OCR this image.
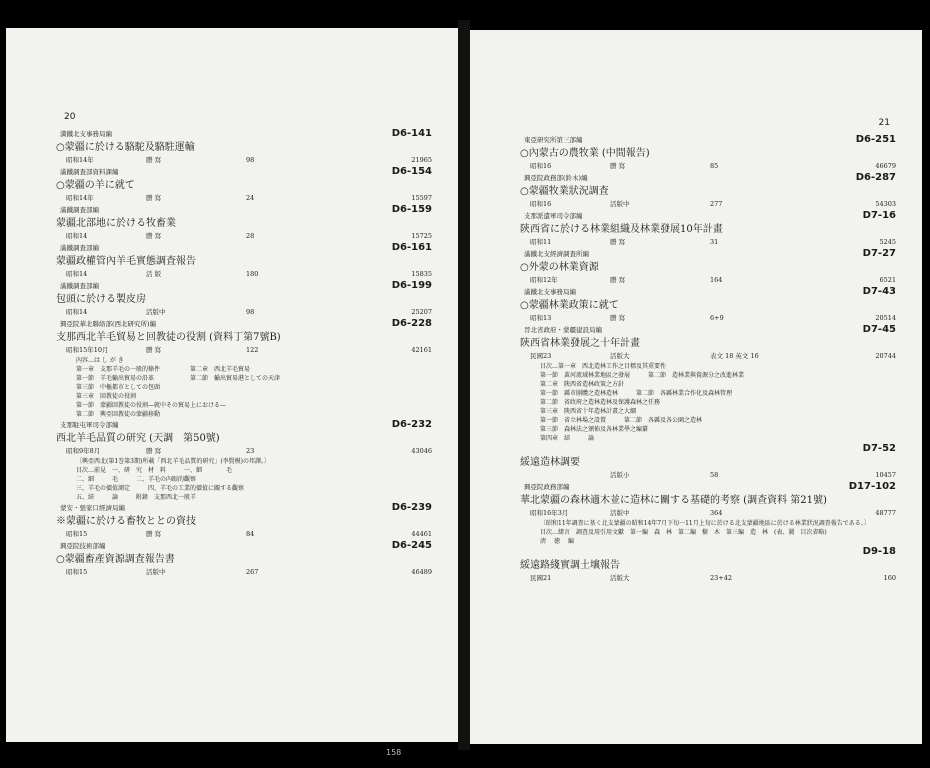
20
満鐵北支事務局編	D6-141
○蒙疆に於ける駱駝及駱駐運輸
昭和14年	謄 寫	98	21965
滿鐵調査部資料課編	D6-154
○蒙疆の羊に就て
昭和14年	謄 寫	24	15597
滿鐵調査部編	D6-159
蒙疆北部地に於ける牧畜業
昭和14	謄 寫	28	15725
滿鐵調査部編	D6-161
蒙疆政權管內羊毛實態調査報告
昭和14	活 版	180	15835
滿鐵調査部編	D6-199
包頭に於ける製皮房
昭和14	活版中	98	25207
興亞院華北聯絡部(西北研究所)編	D6-228
支那西北羊毛貿易と回教徒の役割 (資料丁第7號B)
昭和15年10月	謄 寫	122	42161
內容…は し が き
第一章　支那羊毛の一般的條件　　　　　第二章　西北羊毛貿易
第一節　羊毛輸出貿易の沿革　　　　　　第二節　輸出貿易港としての天津
第三節　中樞都市としての包頭
第三章　回教徒の役割
第一節　蒙疆回教徒の役割—就中その貿易上における—
第二節　興亞回教徒の蒙疆移動
支那駐屯軍司令部編	D6-232
西北羊毛品質の研究 (天調　第50號)
昭和9年8月	謄 寫	23	43046
〔興亞西北(第1巻第3期)所載「西北羊毛品質的研究」(李賢模)の邦譯。〕
目次…前見　一、研　究　材　料　　　一、細　　　　毛
二、細　　　毛　　　二、羊毛の內眼的觀察
三、羊毛の價值測定　　　四、羊毛の工業的價值に關する觀察
五、結　　　論　　　附錄　支那西北一般羊
蒙安・張家口經濟局編	D6-239
※蒙疆に於ける畜牧ととの資技
昭和15	謄 寫	84	44461
興亞院技術部編	D6-245
○蒙疆畜產資源調査報告書
昭和15	活版中	267	46489
21
東亞研究所第三部編	D6-251
○內蒙古の農牧業 (中間報告)
昭和16	謄 寫	85	46679
興亞院政務部(鈴木)編	D6-287
○蒙疆牧業狀況調査
昭和16	活版中	277	54303
支那派遣軍司令部編	D7-16
陝西省に於ける林業組織及林業發展10年計畫
昭和11	謄 寫	31	5245
滿鐵北支經濟調査所編	D7-27
○外蒙の林業資源
昭和12年	謄 寫	164	6521
滿鐵北支事務局編	D7-43
○蒙疆林業政策に就て
昭和13	謄 寫	6+9	20514
晉北省政府・蒙疆建設局編	D7-45
陝西省林業發展之十年計畫
民國23	活版大	表文 18 英文 16	20744
目次…第一章　西北造林工作之目標及其重要性
第一節　黃河流域林業地區之發展　　　第二節　造林業與資源分之改進林業
第二章　陝西省造林政策之方針
第一節　縣市團體之造林造林　　　第二節　各縣林業合作化及森林管理
第二節　省政府之造林造林及保護森林之任務
第三章　陝西省十年造林計畫之大綱
第一節　省立林場之設置　　　第二節　各縣及各公園之造林
第三節　森林法之頒佈及各林業學之編纂
第四章　結　　　論
D7-52
綏遠造林調要
活版小	58	10457
興亞院政務部編	D17-102
華北蒙疆の森林適木並に造林に關する基礎的考察 (調查資料 第21號)
昭和16年3月	活版中	364	48777
〔昭和11年調査に基く北支蒙疆の昭和14年7月下旬一11月上旬に於ける北支蒙疆地區に於ける林業狀況調査報告である。〕
目次…緒言　調查及用引用文獻　第一編　森　林　第二編　樹　木　第三編　造　林　(表、圖　目次省略)
淸　 徳　 編
D9-18
綏遠路綫實調土壤報告
民國21	活版大	23+42	160
158
